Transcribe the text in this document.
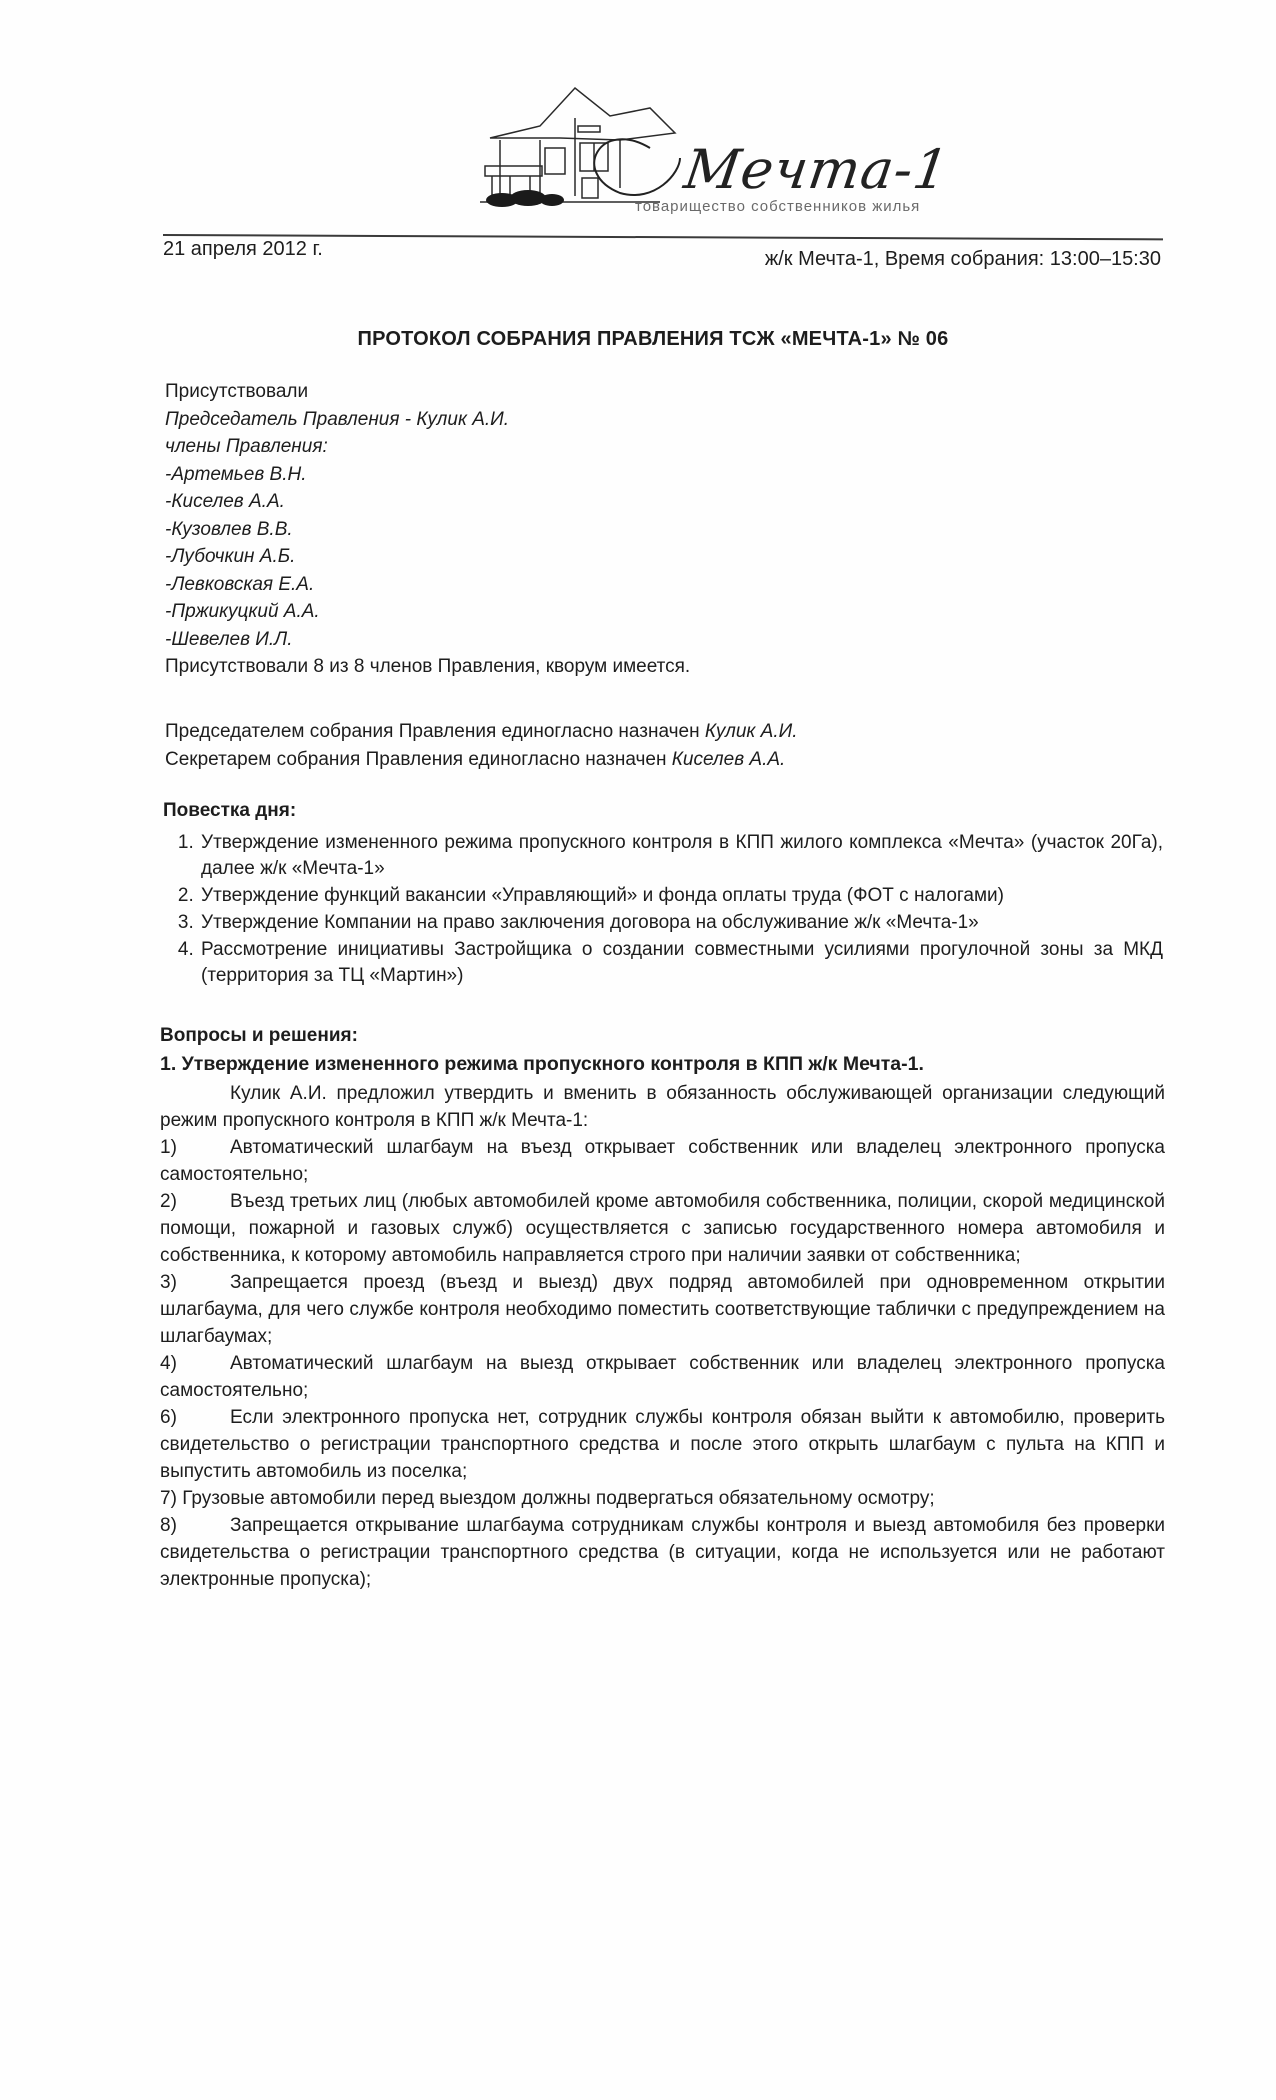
Мечта-1
товарищество собственников жилья
21 апреля 2012 г.	ж/к Мечта-1, Время собрания: 13:00–15:30
ПРОТОКОЛ СОБРАНИЯ ПРАВЛЕНИЯ ТСЖ «МЕЧТА-1» № 06
Присутствовали
Председатель Правления - Кулик А.И.
члены Правления:
-Артемьев В.Н.
-Киселев А.А.
-Кузовлев В.В.
-Лубочкин А.Б.
-Левковская Е.А.
-Пржикуцкий А.А.
-Шевелев И.Л.
Присутствовали 8 из 8 членов Правления, кворум имеется.
Председателем собрания Правления единогласно назначен Кулик А.И.
Секретарем собрания Правления единогласно назначен Киселев А.А.
Повестка дня:
1. Утверждение измененного режима пропускного контроля в КПП жилого комплекса «Мечта» (участок 20Га), далее ж/к «Мечта-1»
2. Утверждение функций вакансии «Управляющий» и фонда оплаты труда (ФОТ с налогами)
3. Утверждение Компании на право заключения договора на обслуживание ж/к «Мечта-1»
4. Рассмотрение инициативы Застройщика о создании совместными усилиями прогулочной зоны за МКД (территория за ТЦ «Мартин»)
Вопросы и решения:
1. Утверждение измененного режима пропускного контроля в КПП ж/к Мечта-1.

Кулик А.И. предложил утвердить и вменить в обязанность обслуживающей организации следующий режим пропускного контроля в КПП ж/к Мечта-1:

1)	Автоматический шлагбаум на въезд открывает собственник или владелец электронного пропуска самостоятельно;
2)	Въезд третьих лиц (любых автомобилей кроме автомобиля собственника, полиции, скорой медицинской помощи, пожарной и газовых служб) осуществляется с записью государственного номера автомобиля и собственника, к которому автомобиль направляется строго при наличии заявки от собственника;
3)	Запрещается проезд (въезд и выезд) двух подряд автомобилей при одновременном открытии шлагбаума, для чего службе контроля необходимо поместить соответствующие таблички с предупреждением на шлагбаумах;
4)	Автоматический шлагбаум на выезд открывает собственник или владелец электронного пропуска самостоятельно;
6)	Если электронного пропуска нет, сотрудник службы контроля обязан выйти к автомобилю, проверить свидетельство о регистрации транспортного средства и после этого открыть шлагбаум с пульта на КПП и выпустить автомобиль из поселка;
7) Грузовые автомобили перед выездом должны подвергаться обязательному осмотру;
8)	Запрещается открывание шлагбаума сотрудникам службы контроля и выезд автомобиля без проверки свидетельства о регистрации транспортного средства (в ситуации, когда не используется или не работают электронные пропуска);
